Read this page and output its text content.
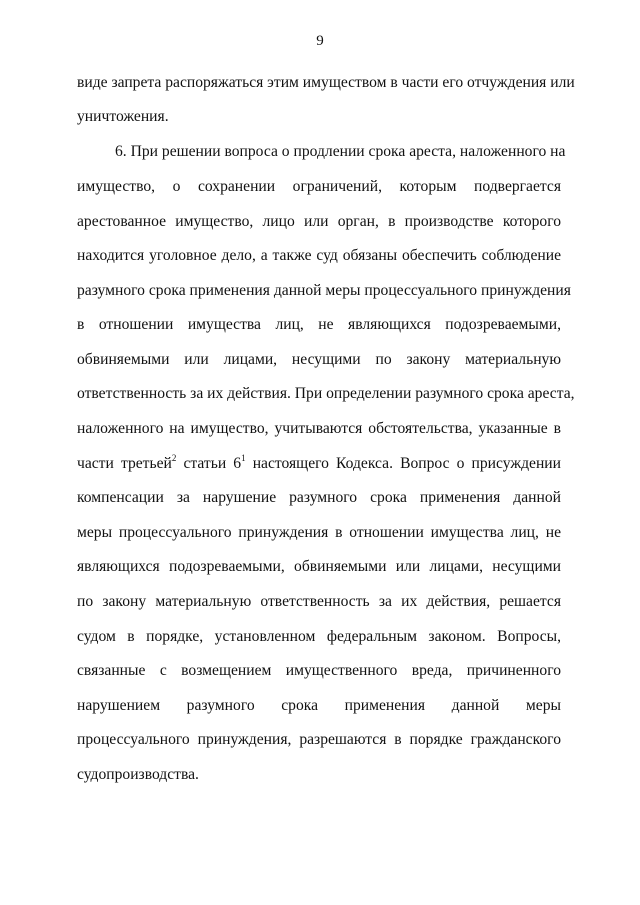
9
виде запрета распоряжаться этим имуществом в части его отчуждения или
уничтожения.
6. При решении вопроса о продлении срока ареста, наложенного на
имущество, о сохранении ограничений, которым подвергается
арестованное имущество, лицо или орган, в производстве которого
находится уголовное дело, а также суд обязаны обеспечить соблюдение
разумного срока применения данной меры процессуального принуждения
в отношении имущества лиц, не являющихся подозреваемыми,
обвиняемыми или лицами, несущими по закону материальную
ответственность за их действия. При определении разумного срока ареста,
наложенного на имущество, учитываются обстоятельства, указанные в
части третьей$^2$ статьи $6^1$ настоящего Кодекса. Вопрос о присуждении
компенсации за нарушение разумного срока применения данной
меры процессуального принуждения в отношении имущества лиц, не
являющихся подозреваемыми, обвиняемыми или лицами, несущими
по закону материальную ответственность за их действия, решается
судом в порядке, установленном федеральным законом. Вопросы,
связанные с возмещением имущественного вреда, причиненного
нарушением разумного срока применения данной меры
процессуального принуждения, разрешаются в порядке гражданского
судопроизводства.
